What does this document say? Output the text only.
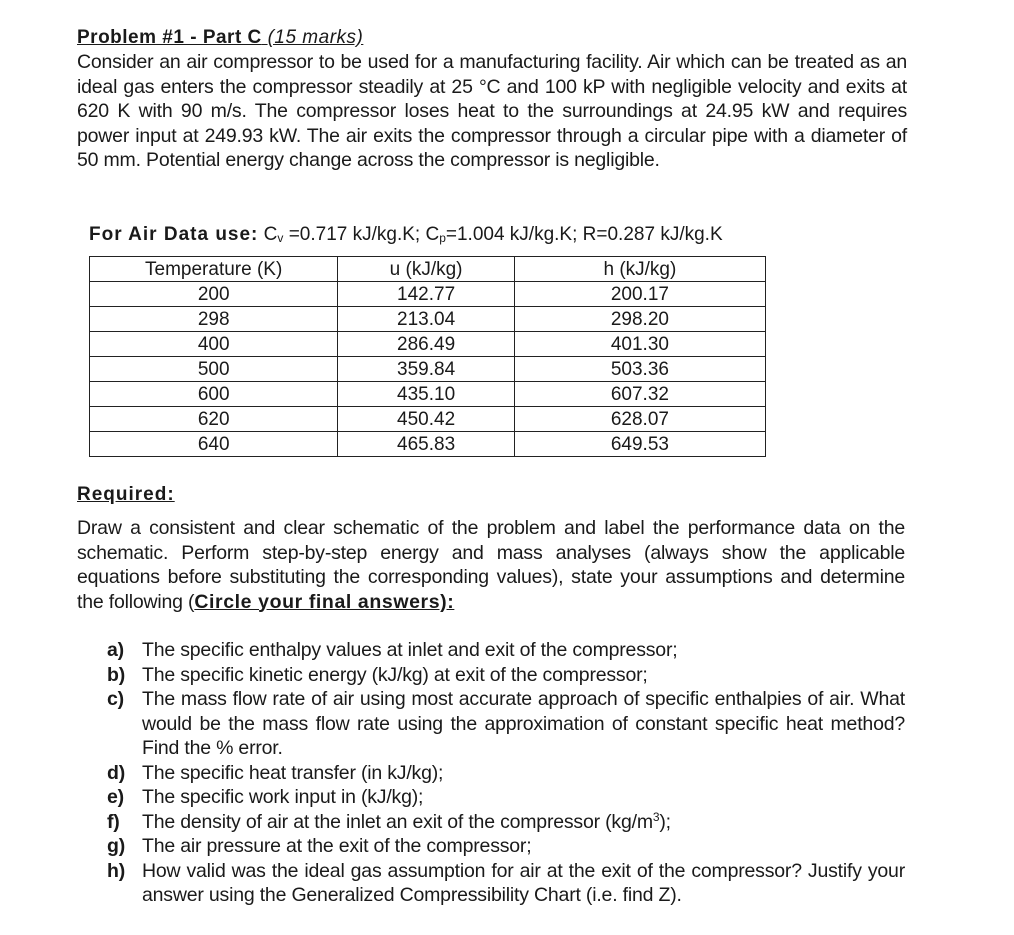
Problem #1 - Part C (15 marks)

Consider an air compressor to be used for a manufacturing facility. Air which can be treated as an ideal gas enters the compressor steadily at 25 °C and 100 kP with negligible velocity and exits at 620 K with 90 m/s. The compressor loses heat to the surroundings at 24.95 kW and requires power input at 249.93 kW. The air exits the compressor through a circular pipe with a diameter of 50 mm. Potential energy change across the compressor is negligible.

For Air Data use: $C_v =0.717$ kJ/kg.K; $C_p=1.004$ kJ/kg.K; R=0.287 kJ/kg.K
Temperature (K)	u (kJ/kg)	h (kJ/kg)
200	142.77	200.17
298	213.04	298.20
400	286.49	401.30
500	359.84	503.36
600	435.10	607.32
620	450.42	628.07
640	465.83	649.53
Required:

Draw a consistent and clear schematic of the problem and label the performance data on the schematic. Perform step-by-step energy and mass analyses (always show the applicable equations before substituting the corresponding values), state your assumptions and determine the following (Circle your final answers):

a) The specific enthalpy values at inlet and exit of the compressor;
b) The specific kinetic energy (kJ/kg) at exit of the compressor;
c) The mass flow rate of air using most accurate approach of specific enthalpies of air. What would be the mass flow rate using the approximation of constant specific heat method? Find the % error.
d) The specific heat transfer (in kJ/kg);
e) The specific work input in (kJ/kg);
f) The density of air at the inlet an exit of the compressor $(kg/m^3)$;
g) The air pressure at the exit of the compressor;
h) How valid was the ideal gas assumption for air at the exit of the compressor? Justify your answer using the Generalized Compressibility Chart (i.e. find Z).
